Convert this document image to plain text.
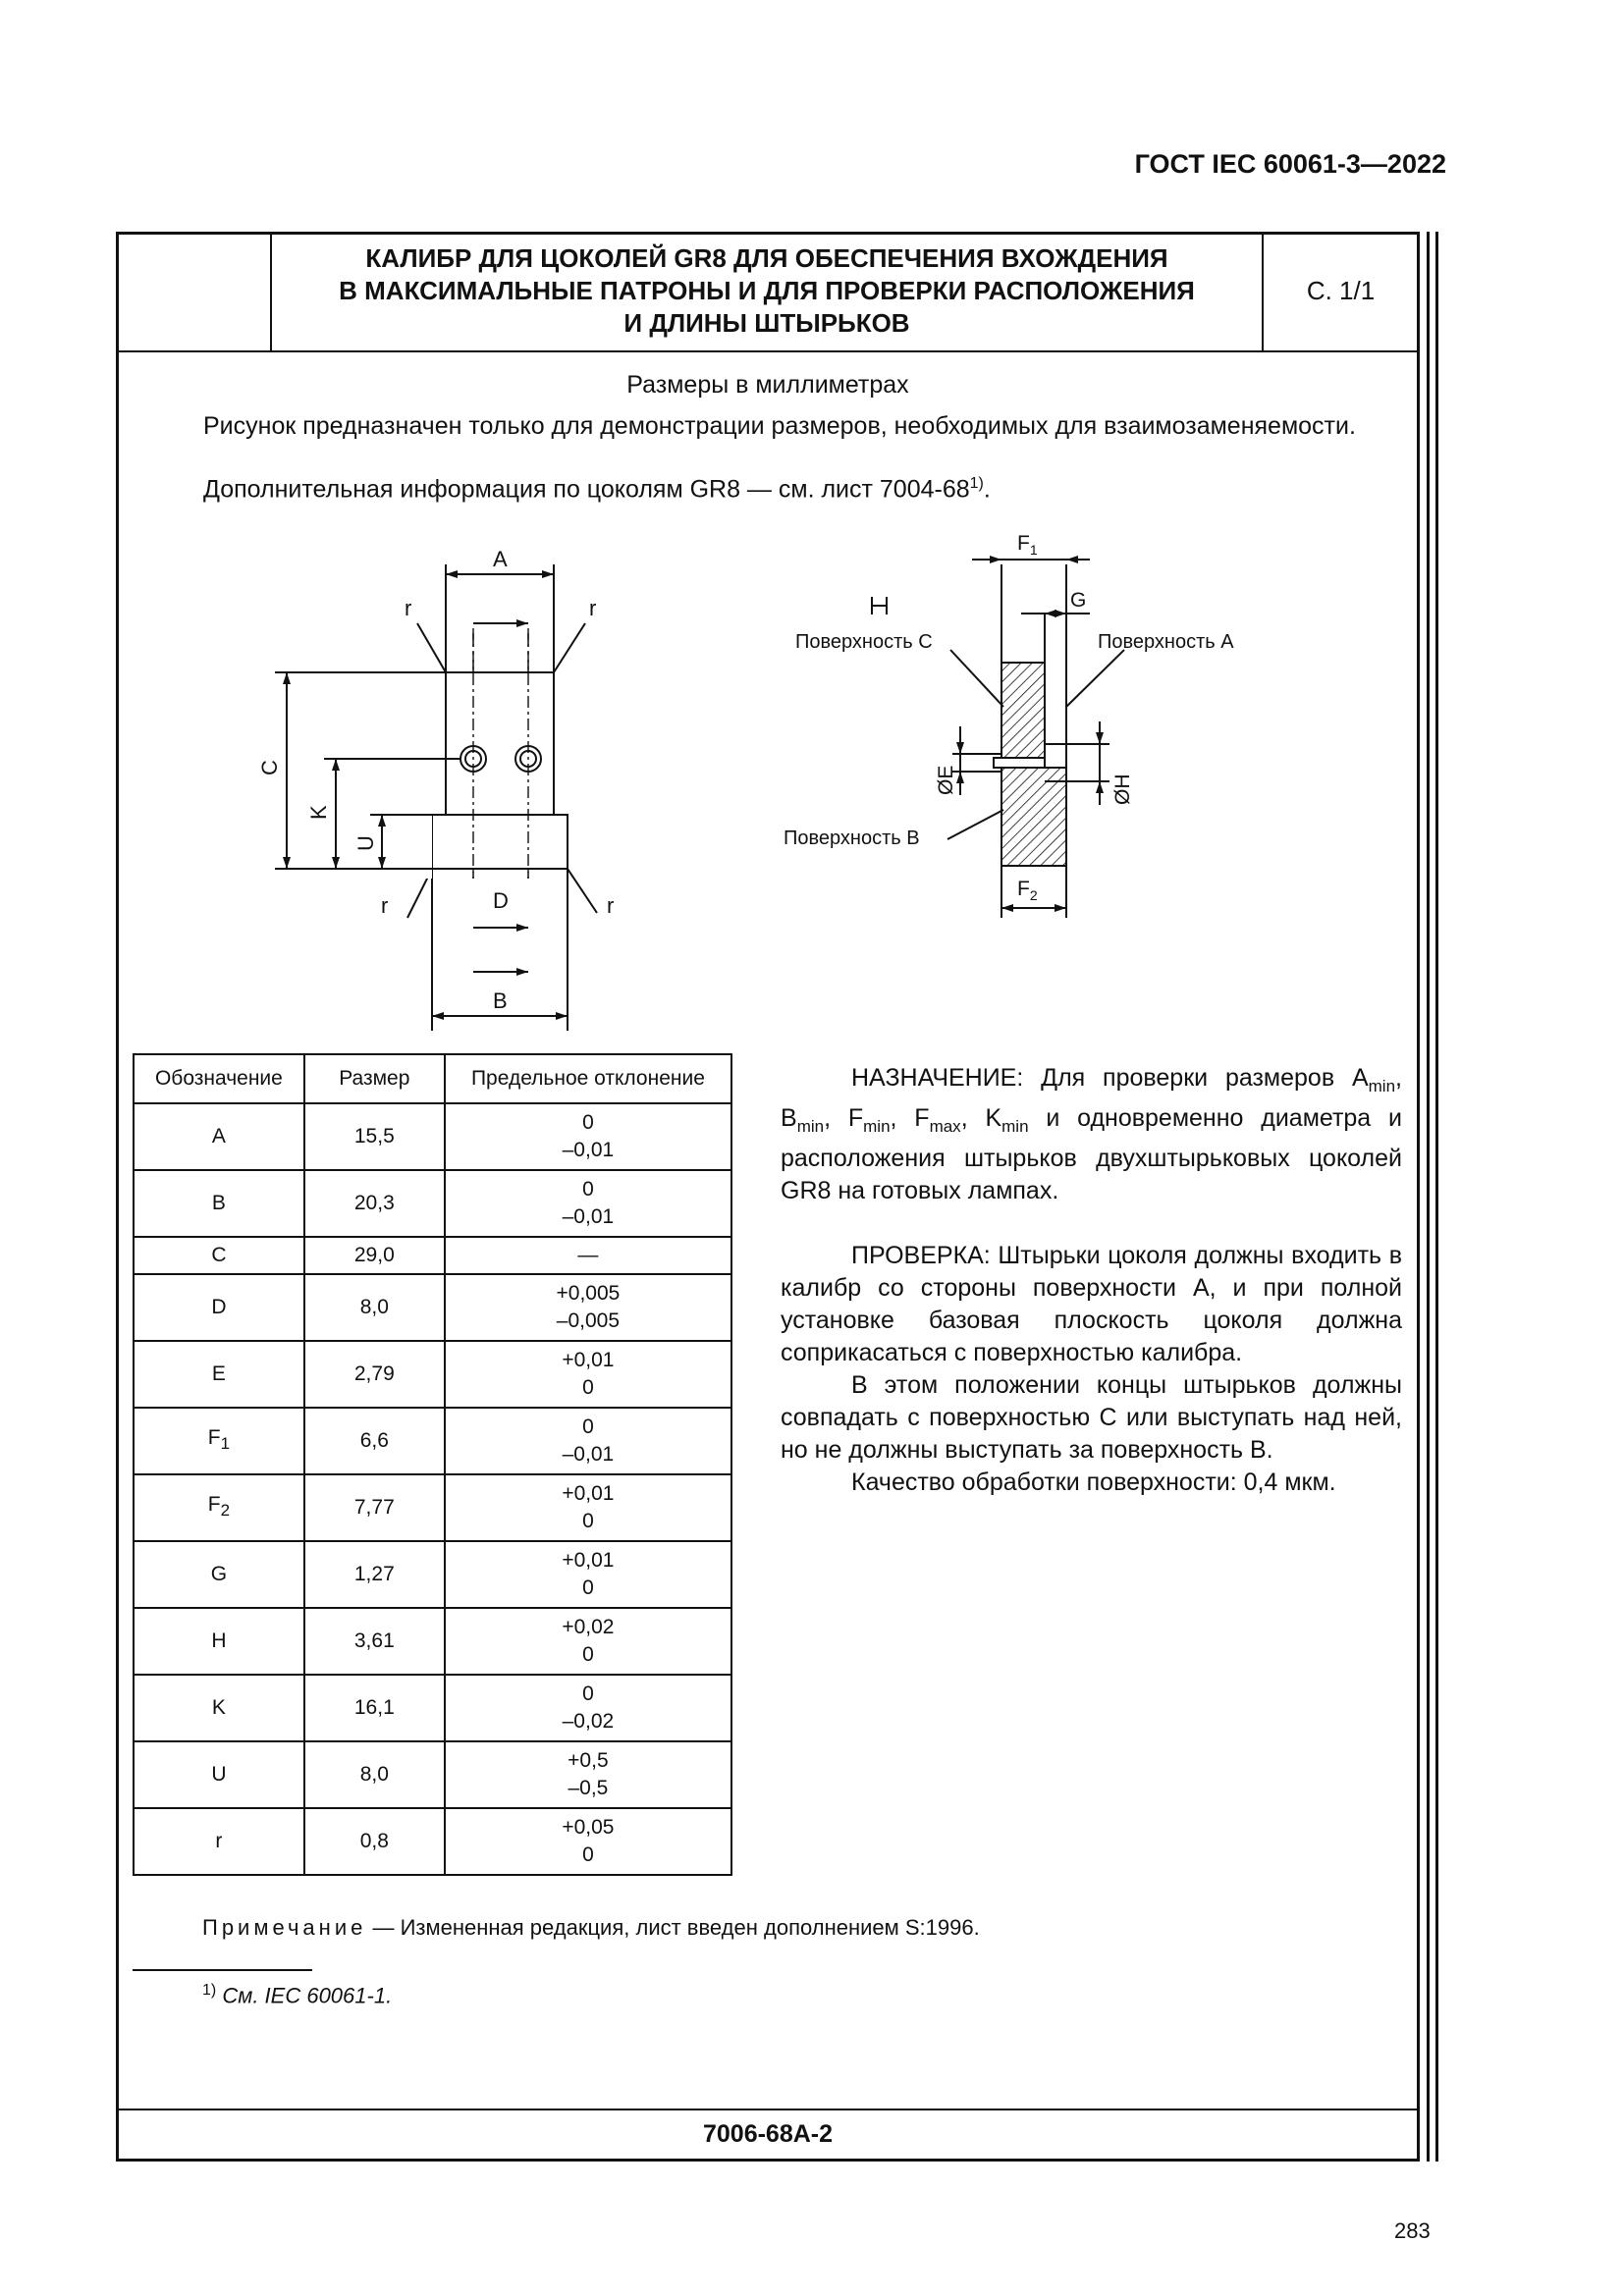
ГОСТ IEC 60061-3—2022
КАЛИБР ДЛЯ ЦОКОЛЕЙ GR8 ДЛЯ ОБЕСПЕЧЕНИЯ ВХОЖДЕНИЯ
В МАКСИМАЛЬНЫЕ ПАТРОНЫ И ДЛЯ ПРОВЕРКИ РАСПОЛОЖЕНИЯ
И ДЛИНЫ ШТЫРЬКОВ
С. 1/1
Размеры в миллиметрах
Рисунок предназначен только для демонстрации размеров, необходимых для взаимозаменяемости.
Дополнительная информация по цоколям GR8 — см. лист 7004-68$^{1)}$.
A
r	r
r	r
D
B
C
K
U
$F_1$
G
$F_2$
Поверхность С	Поверхность А
Поверхность В
ØE	ØH
Обозначение	Размер	Предельное отклонение
A	15,5	0
–0,01

B	20,3	0
–0,01

C	29,0	—

D	8,0	+0,005
–0,005

E	2,79	+0,01
0

$F_1$	6,6	0
–0,01

$F_2$	7,77	+0,01
0

G	1,27	+0,01
0

H	3,61	+0,02
0

K	16,1	0
–0,02

U	8,0	+0,5
–0,5

r	0,8	+0,05
0

НАЗНАЧЕНИЕ: Для проверки размеров $A_{min}$, $B_{min}$, $F_{min}$, $F_{max}$, $K_{min}$ и одновременно диаметра и расположения штырьков двухштырьковых цоколей GR8 на готовых лампах.

ПРОВЕРКА: Штырьки цоколя должны входить в калибр со стороны поверхности А, и при полной установке базовая плоскость цоколя должна соприкасаться с поверхностью калибра.

В этом положении концы штырьков должны совпадать с поверхностью С или выступать над ней, но не должны выступать за поверхность В.

Качество обработки поверхности: 0,4 мкм.

Примечание — Измененная редакция, лист введен дополнением S:1996.
$^{1)}$ См. IEC 60061-1.
7006-68A-2
283
